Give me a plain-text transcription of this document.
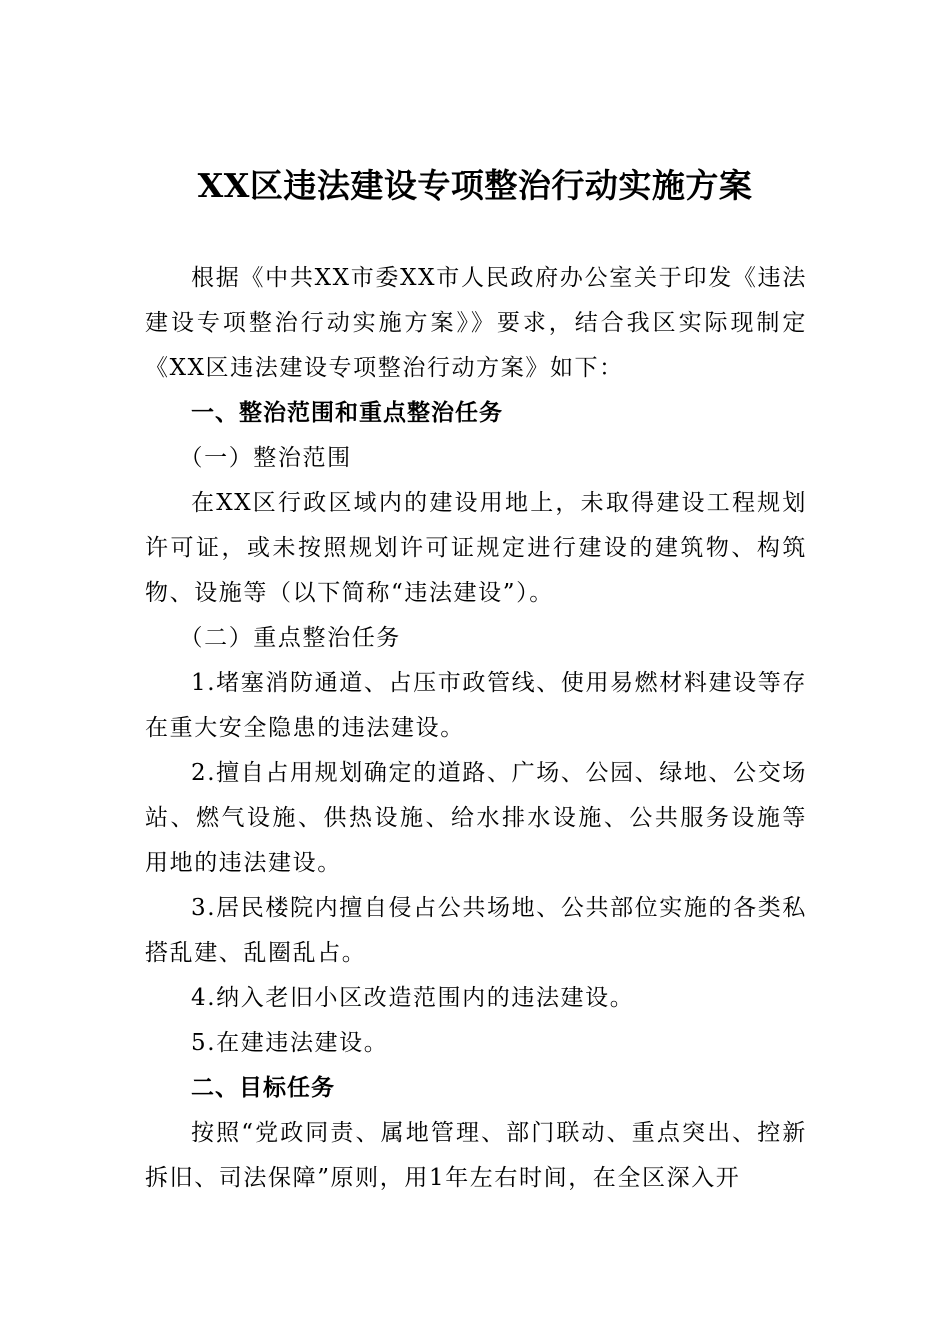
XX区违法建设专项整治行动实施方案

根据《中共XX市委XX市人民政府办公室关于印发《违法建设专项整治行动实施方案》》要求，结合我区实际现制定《XX区违法建设专项整治行动方案》如下：

一、整治范围和重点整治任务

（一）整治范围

在XX区行政区域内的建设用地上，未取得建设工程规划许可证，或未按照规划许可证规定进行建设的建筑物、构筑物、设施等（以下简称“违法建设”）。

（二）重点整治任务

1.堵塞消防通道、占压市政管线、使用易燃材料建设等存在重大安全隐患的违法建设。

2.擅自占用规划确定的道路、广场、公园、绿地、公交场站、燃气设施、供热设施、给水排水设施、公共服务设施等用地的违法建设。

3.居民楼院内擅自侵占公共场地、公共部位实施的各类私搭乱建、乱圈乱占。

4.纳入老旧小区改造范围内的违法建设。

5.在建违法建设。

二、目标任务

按照“党政同责、属地管理、部门联动、重点突出、控新拆旧、司法保障”原则，用1年左右时间，在全区深入开
